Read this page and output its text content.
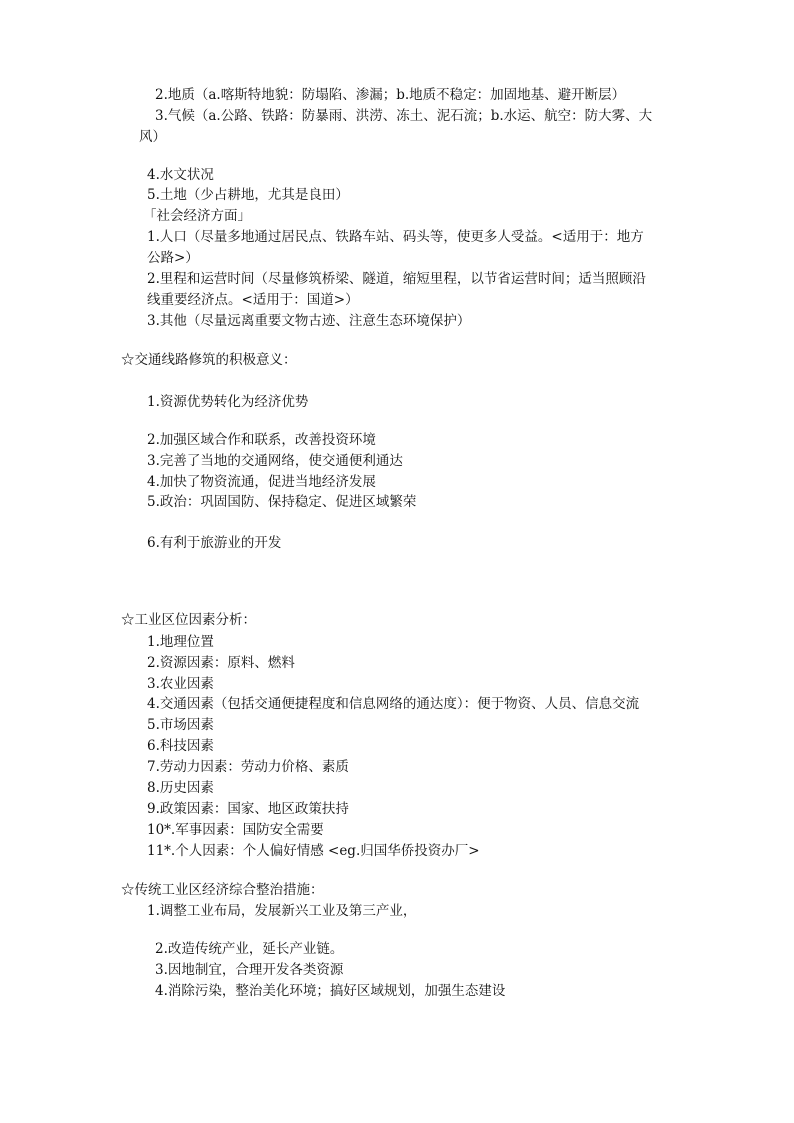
2.地质（a.喀斯特地貌：防塌陷、渗漏；b.地质不稳定：加固地基、避开断层）
3.气候（a.公路、铁路：防暴雨、洪涝、冻土、泥石流；b.水运、航空：防大雾、大
风）
4.水文状况
5.土地（少占耕地，尤其是良田）
「社会经济方面」
1.人口（尽量多地通过居民点、铁路车站、码头等，使更多人受益。<适用于：地方
公路>）
2.里程和运营时间（尽量修筑桥梁、隧道，缩短里程，以节省运营时间；适当照顾沿
线重要经济点。<适用于：国道>）
3.其他（尽量远离重要文物古迹、注意生态环境保护）
☆交通线路修筑的积极意义：
1.资源优势转化为经济优势
2.加强区域合作和联系，改善投资环境
3.完善了当地的交通网络，使交通便利通达
4.加快了物资流通，促进当地经济发展
5.政治：巩固国防、保持稳定、促进区域繁荣
6.有利于旅游业的开发
☆工业区位因素分析：
1.地理位置
2.资源因素：原料、燃料
3.农业因素
4.交通因素（包括交通便捷程度和信息网络的通达度）：便于物资、人员、信息交流
5.市场因素
6.科技因素
7.劳动力因素：劳动力价格、素质
8.历史因素
9.政策因素：国家、地区政策扶持
10*.军事因素：国防安全需要
11*.个人因素：个人偏好情感 <eg.归国华侨投资办厂>
☆传统工业区经济综合整治措施：
1.调整工业布局，发展新兴工业及第三产业，
2.改造传统产业，延长产业链。
3.因地制宜，合理开发各类资源
4.消除污染，整治美化环境；搞好区域规划，加强生态建设
